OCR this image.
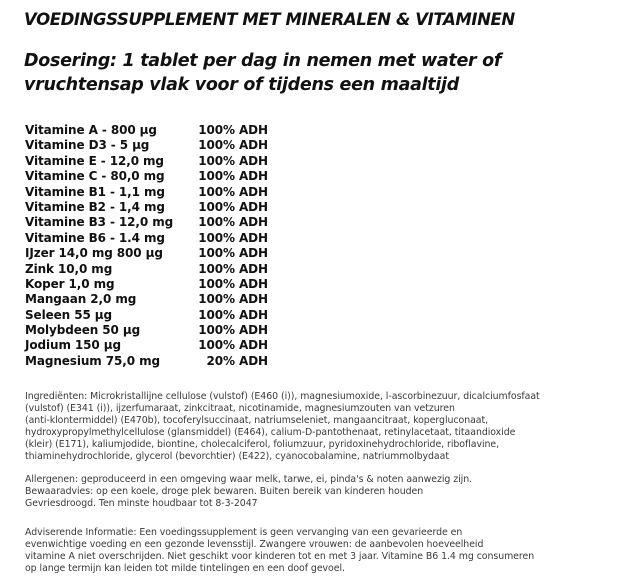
VOEDINGSSUPPLEMENT MET MINERALEN & VITAMINEN
Dosering: 1 tablet per dag in nemen met water of
vruchtensap vlak voor of tijdens een maaltijd
Vitamine A - 800 µg	100% ADH
Vitamine D3 - 5 µg	100% ADH
Vitamine E - 12,0 mg	100% ADH
Vitamine C - 80,0 mg	100% ADH
Vitamine B1 - 1,1 mg	100% ADH
Vitamine B2 - 1,4 mg	100% ADH
Vitamine B3 - 12,0 mg	100% ADH
Vitamine B6 - 1.4 mg	100% ADH
IJzer 14,0 mg 800 µg	100% ADH
Zink 10,0 mg	100% ADH
Koper 1,0 mg	100% ADH
Mangaan 2,0 mg	100% ADH
Seleen 55 µg	100% ADH
Molybdeen 50 µg	100% ADH
Jodium 150 µg	100% ADH
Magnesium 75,0 mg	20% ADH
Ingrediënten: Microkristallijne cellulose (vulstof) (E460 (i)), magnesiumoxide, l-ascorbinezuur, dicalciumfosfaat
(vulstof) (E341 (i)), ijzerfumaraat, zinkcitraat, nicotinamide, magnesiumzouten van vetzuren
(anti-klontermiddel) (E470b), tocoferylsuccinaat, natriumseleniet, mangaancitraat, kopergluconaat,
hydroxypropylmethylcellulose (glansmiddel) (E464), calium-D-pantothenaat, retinylacetaat, titaandioxide
(kleir) (E171), kaliumjodide, biontine, cholecalciferol, foliumzuur, pyridoxinehydrochloride, riboflavine,
thiaminehydrochloride, glycerol (bevorchtier) (E422), cyanocobalamine, natriummolbydaat
Allergenen: geproduceerd in een omgeving waar melk, tarwe, ei, pinda's & noten aanwezig zijn.
Bewaaradvies: op een koele, droge plek bewaren. Buiten bereik van kinderen houden
Gevriesdroogd. Ten minste houdbaar tot 8-3-2047
Adviserende Informatie: Een voedingssupplement is geen vervanging van een gevarieerde en
evenwichtige voeding en een gezonde levensstijl. Zwangere vrouwen: de aanbevolen hoeveelheid
vitamine A niet overschrijden. Niet geschikt voor kinderen tot en met 3 jaar. Vitamine B6 1.4 mg consumeren
op lange termijn kan leiden tot milde tintelingen en een doof gevoel.
